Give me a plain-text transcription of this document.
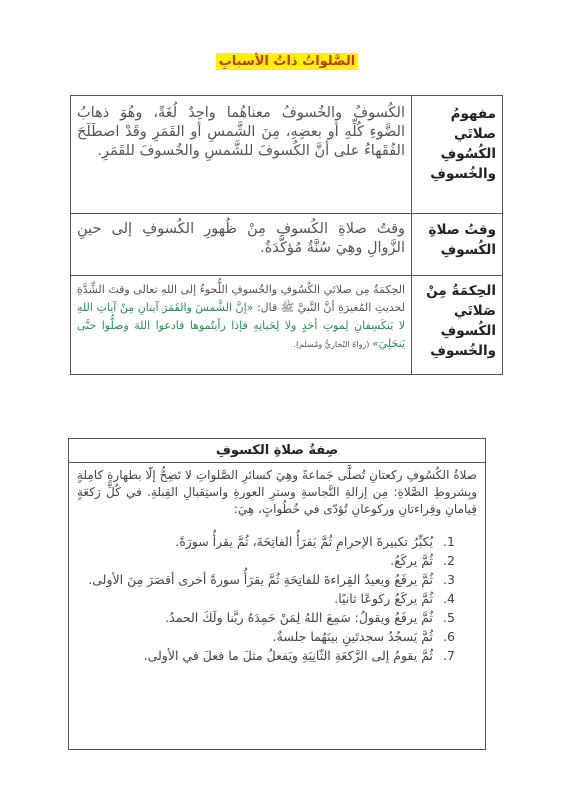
الصَّلواتُ ذاتُ الأسبابِ
مفهومُ صلاتَي الكُسُوفِ والخُسوفِ	الكُسوفُ والخُسوفُ معناهُما واحِدٌ لُغَةً، وهُوَ ذهابُ الضَّوءِ كُلِّهِ أو بعضِهِ، مِنَ الشَّمسِ أو القَمَرِ وقَدْ اصطَلَحَ الفُقَهاءُ على أنَّ الكُسوفَ للشَّمسِ والخُسوفَ للقَمَرِ.
وقتُ صلاةِ الكُسوفِ	وقتُ صلاةِ الكُسوفِ مِنْ ظُهورِ الكُسوفِ إلى حينِ الزَّوالِ وهِيَ سُنَّةٌ مُؤكَّدَةٌ.
الحِكمَةُ مِنْ صَلاتَي الكُسوفِ والخُسوفِ	الحِكمَةُ مِن صلاتَي الكُسُوفِ والخُسوفِ اللُّجوءُ إلى اللهِ تعالى وقتَ الشِّدَّةِ لحديثِ المُغيرَةِ أنَّ النَّبيَّ ﷺ قال: «إنَّ الشَّمسَ والقَمَرَ آيتانِ مِنْ آياتِ اللهِ لا يَنكَسِفانِ لِموتِ أحَدٍ ولا لِحَياتِهِ فإذا رأيتُموها فادعوا اللهَ وصلُّوا حتَّى يَنجَلِيَ» (رواهُ البُخاريُّ ومُسلم).
صِفةُ صلاةِ الكسوفِ
صلاةُ الكُسُوفِ ركعتانِ تُصلَّى جَماعةً وهِيَ كسائرِ الصَّلواتِ لا تَصِحُّ إلّا بطهارةٍ كامِلةٍ وبِشروطِ الصَّلاةِ: مِن إزالةِ النَّجاسةِ وسترِ العورةِ واستِقبالِ القِبلةِ. في كُلِّ رَكعَةٍ قِيامانِ وقِراءتانِ وركوعانِ تُؤدّى في خُطُواتٍ، هِيَ:
1.يُكبِّرُ تكبيرةَ الإحرامِ ثُمَّ يَقرَأُ الفاتِحَةَ، ثُمَّ يقرأُ سورَةً.
2.ثُمَّ يركَعُ.
3.ثُمَّ يرفَعُ ويعيدُ القِراءةَ للفاتِحَةِ ثُمَّ يقرَأُ سورةً أخرى أقصَرَ مِنَ الأولى.
4.ثُمَّ يركَعُ ركوعًا ثانيًا.
5.ثُمَّ يرفَعُ ويقولُ: سَمِعَ اللهُ لِمَنْ حَمِدَهُ ربَّنا ولَكَ الحمدُ.
6.ثُمَّ يَسجُدُ سجدتَينِ بينَهُما جلسةٌ.
7.ثُمَّ يقومُ إلى الرَّكعَةِ الثّانِيَةِ ويَفعلُ مثلَ ما فعلَ في الأولى.
